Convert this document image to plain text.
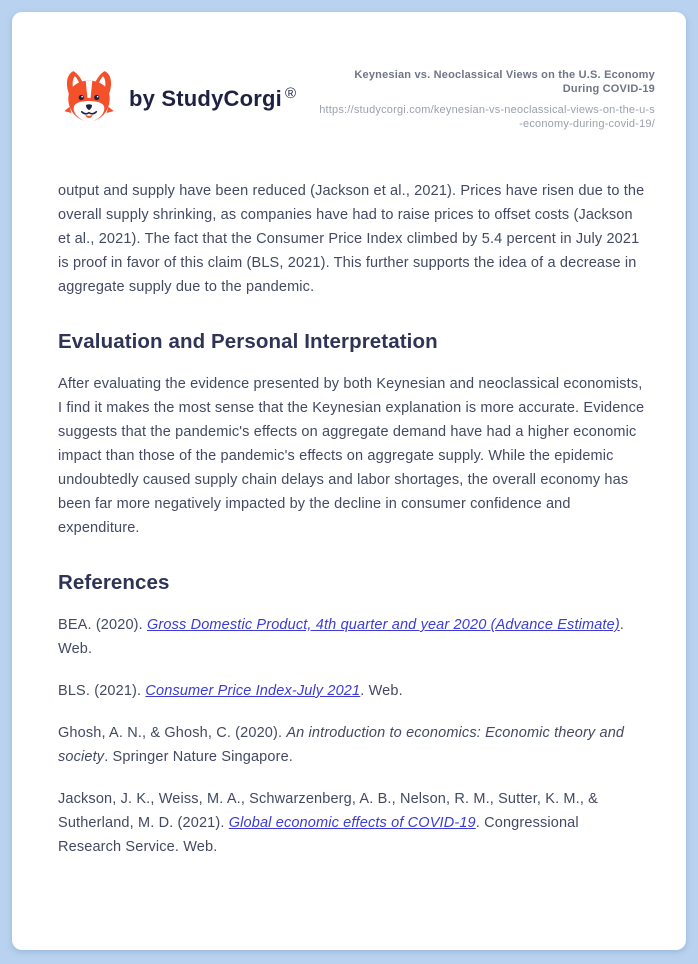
by StudyCorgi ®
Keynesian vs. Neoclassical Views on the U.S. Economy During COVID-19
https://studycorgi.com/keynesian-vs-neoclassical-views-on-the-u-s-economy-during-covid-19/

output and supply have been reduced (Jackson et al., 2021). Prices have risen due to the overall supply shrinking, as companies have had to raise prices to offset costs (Jackson et al., 2021). The fact that the Consumer Price Index climbed by 5.4 percent in July 2021 is proof in favor of this claim (BLS, 2021). This further supports the idea of a decrease in aggregate supply due to the pandemic.

Evaluation and Personal Interpretation

After evaluating the evidence presented by both Keynesian and neoclassical economists, I find it makes the most sense that the Keynesian explanation is more accurate. Evidence suggests that the pandemic's effects on aggregate demand have had a higher economic impact than those of the pandemic's effects on aggregate supply. While the epidemic undoubtedly caused supply chain delays and labor shortages, the overall economy has been far more negatively impacted by the decline in consumer confidence and expenditure.

References

BEA. (2020). Gross Domestic Product, 4th quarter and year 2020 (Advance Estimate). Web.

BLS. (2021). Consumer Price Index-July 2021. Web.

Ghosh, A. N., & Ghosh, C. (2020). An introduction to economics: Economic theory and society. Springer Nature Singapore.

Jackson, J. K., Weiss, M. A., Schwarzenberg, A. B., Nelson, R. M., Sutter, K. M., & Sutherland, M. D. (2021). Global economic effects of COVID-19. Congressional Research Service. Web.
